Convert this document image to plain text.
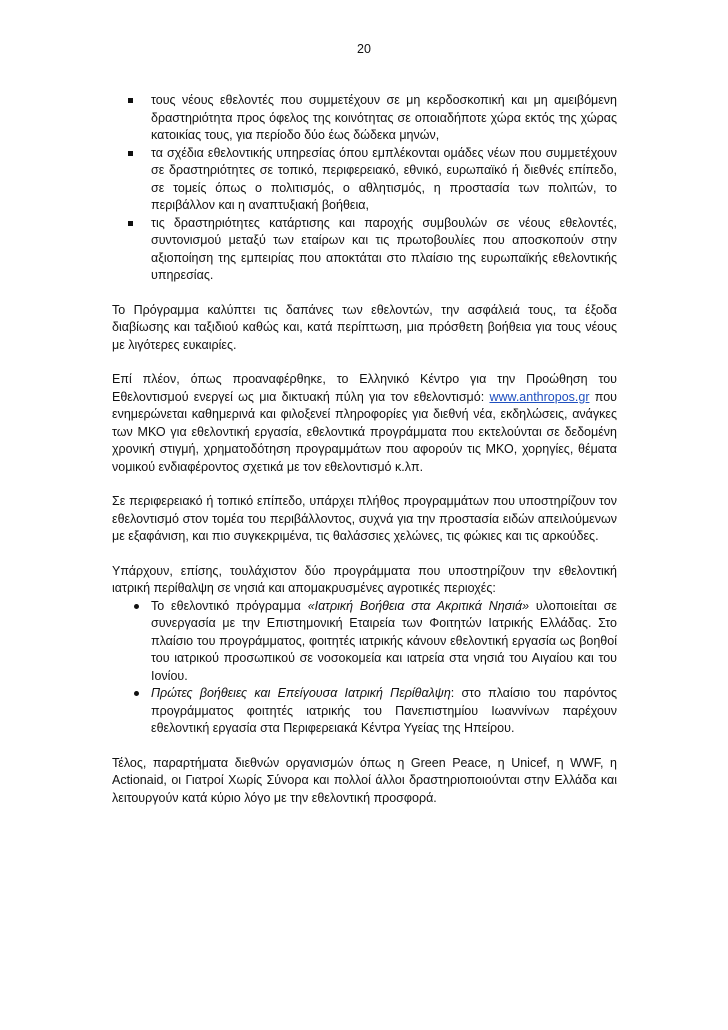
20
τους νέους εθελοντές που συμμετέχουν σε μη κερδοσκοπική και μη αμειβόμενη δραστηριότητα προς όφελος της κοινότητας σε οποιαδήποτε χώρα εκτός της χώρας κατοικίας τους, για περίοδο δύο έως δώδεκα μηνών,
τα σχέδια εθελοντικής υπηρεσίας όπου εμπλέκονται ομάδες νέων που συμμετέχουν σε δραστηριότητες σε τοπικό, περιφερειακό, εθνικό, ευρωπαϊκό ή διεθνές επίπεδο, σε τομείς όπως ο πολιτισμός, ο αθλητισμός, η προστασία των πολιτών, το περιβάλλον και η αναπτυξιακή βοήθεια,
τις δραστηριότητες κατάρτισης και παροχής συμβουλών σε νέους εθελοντές, συντονισμού μεταξύ των εταίρων και τις πρωτοβουλίες που αποσκοπούν στην αξιοποίηση της εμπειρίας που αποκτάται στο πλαίσιο της ευρωπαϊκής εθελοντικής υπηρεσίας.

Το Πρόγραμμα καλύπτει τις δαπάνες των εθελοντών, την ασφάλειά τους, τα έξοδα διαβίωσης και ταξιδιού καθώς και, κατά περίπτωση, μια πρόσθετη βοήθεια για τους νέους με λιγότερες ευκαιρίες.

Επί πλέον, όπως προαναφέρθηκε, το Ελληνικό Κέντρο για την Προώθηση του Εθελοντισμού ενεργεί ως μια δικτυακή πύλη για τον εθελοντισμό: www.anthropos.gr που ενημερώνεται καθημερινά και φιλοξενεί πληροφορίες για διεθνή νέα, εκδηλώσεις, ανάγκες των ΜΚΟ για εθελοντική εργασία, εθελοντικά προγράμματα που εκτελούνται σε δεδομένη χρονική στιγμή, χρηματοδότηση προγραμμάτων που αφορούν τις ΜΚΟ, χορηγίες, θέματα νομικού ενδιαφέροντος σχετικά με τον εθελοντισμό κ.λπ.

Σε περιφερειακό ή τοπικό επίπεδο, υπάρχει πλήθος προγραμμάτων που υποστηρίζουν τον εθελοντισμό στον τομέα του περιβάλλοντος, συχνά για την προστασία ειδών απειλούμενων με εξαφάνιση, και πιο συγκεκριμένα, τις θαλάσσιες χελώνες, τις φώκιες και τις αρκούδες.

Υπάρχουν, επίσης, τουλάχιστον δύο προγράμματα που υποστηρίζουν την εθελοντική ιατρική περίθαλψη σε νησιά και απομακρυσμένες αγροτικές περιοχές:

Το εθελοντικό πρόγραμμα «Ιατρική Βοήθεια στα Ακριτικά Νησιά» υλοποιείται σε συνεργασία με την Επιστημονική Εταιρεία των Φοιτητών Ιατρικής Ελλάδας. Στο πλαίσιο του προγράμματος, φοιτητές ιατρικής κάνουν εθελοντική εργασία ως βοηθοί του ιατρικού προσωπικού σε νοσοκομεία και ιατρεία στα νησιά του Αιγαίου και του Ιονίου.
Πρώτες βοήθειες και Επείγουσα Ιατρική Περίθαλψη: στο πλαίσιο του παρόντος προγράμματος φοιτητές ιατρικής του Πανεπιστημίου Ιωαννίνων παρέχουν εθελοντική εργασία στα Περιφερειακά Κέντρα Υγείας της Ηπείρου.

Τέλος, παραρτήματα διεθνών οργανισμών όπως η Green Peace, η Unicef, η WWF, η Actionaid, οι Γιατροί Χωρίς Σύνορα και πολλοί άλλοι δραστηριοποιούνται στην Ελλάδα και λειτουργούν κατά κύριο λόγο με την εθελοντική προσφορά.
